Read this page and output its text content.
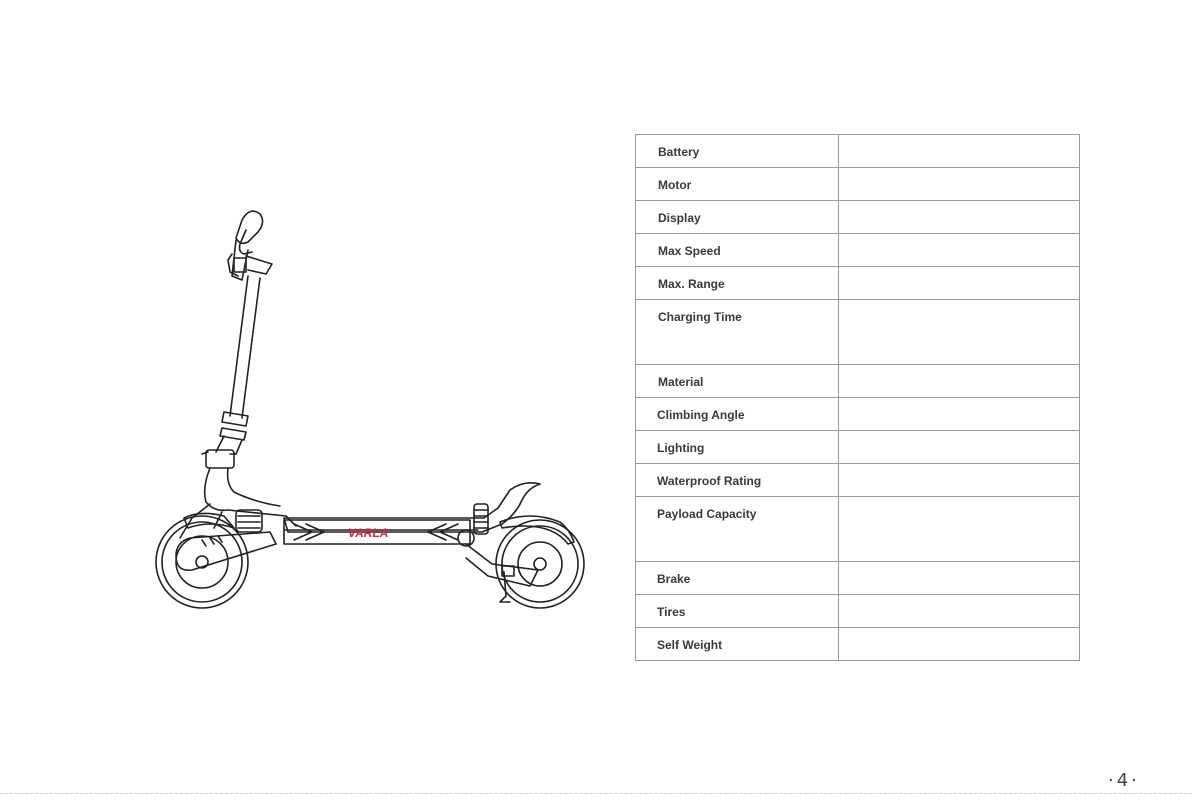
VARLA
Battery	
Motor	
Display	
Max Speed	
Max. Range	
Charging Time	
Material	
Climbing Angle	
Lighting	
Waterproof Rating	
Payload Capacity	
Brake	
Tires	
Self Weight	
·4·
